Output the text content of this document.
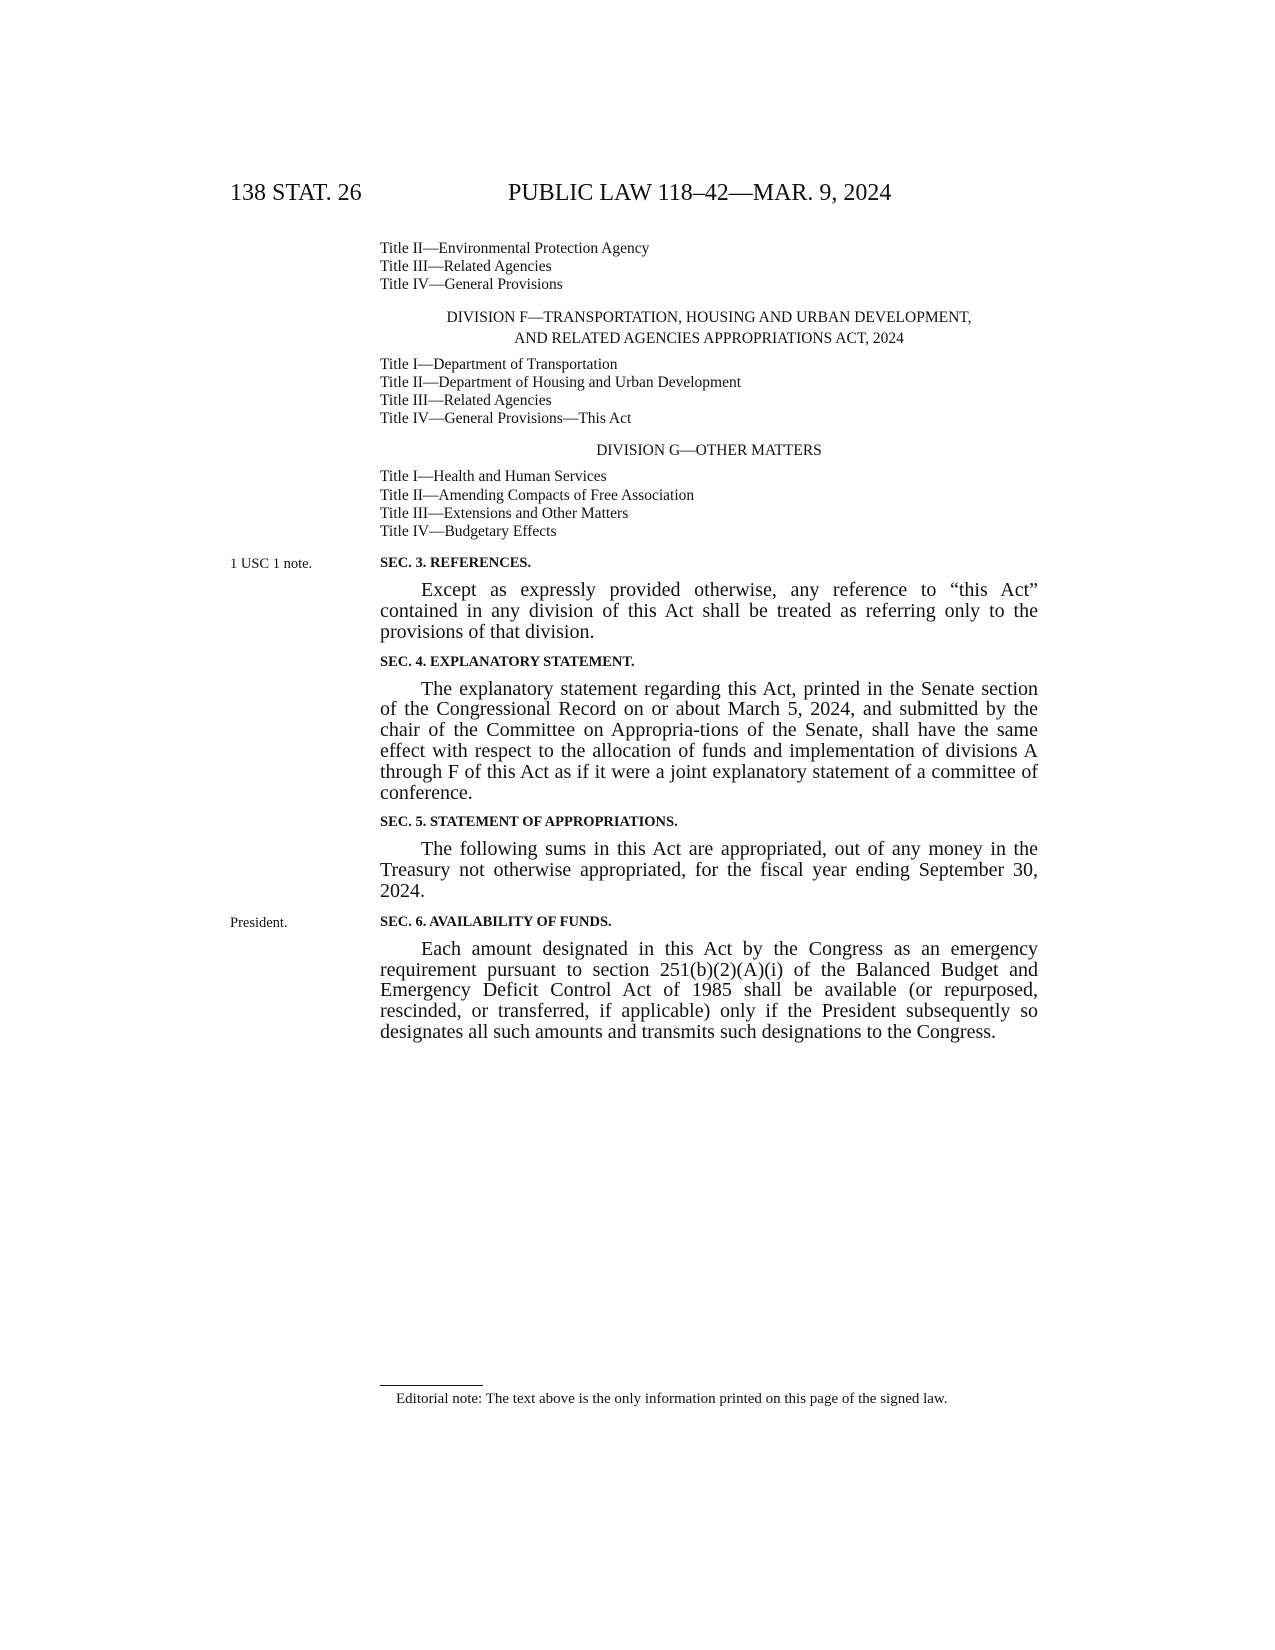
138 STAT. 26	PUBLIC LAW 118–42—MAR. 9, 2024
Title II—Environmental Protection Agency
Title III—Related Agencies
Title IV—General Provisions
DIVISION F—TRANSPORTATION, HOUSING AND URBAN DEVELOPMENT,
AND RELATED AGENCIES APPROPRIATIONS ACT, 2024
Title I—Department of Transportation
Title II—Department of Housing and Urban Development
Title III—Related Agencies
Title IV—General Provisions—This Act
DIVISION G—OTHER MATTERS
Title I—Health and Human Services
Title II—Amending Compacts of Free Association
Title III—Extensions and Other Matters
Title IV—Budgetary Effects
1 USC 1 note.	SEC. 3. REFERENCES.

Except as expressly provided otherwise, any reference to “this Act” contained in any division of this Act shall be treated as referring only to the provisions of that division.

SEC. 4. EXPLANATORY STATEMENT.

The explanatory statement regarding this Act, printed in the Senate section of the Congressional Record on or about March 5, 2024, and submitted by the chair of the Committee on Appropria-tions of the Senate, shall have the same effect with respect to the allocation of funds and implementation of divisions A through F of this Act as if it were a joint explanatory statement of a committee of conference.

SEC. 5. STATEMENT OF APPROPRIATIONS.

The following sums in this Act are appropriated, out of any money in the Treasury not otherwise appropriated, for the fiscal year ending September 30, 2024.

President.	SEC. 6. AVAILABILITY OF FUNDS.

Each amount designated in this Act by the Congress as an emergency requirement pursuant to section 251(b)(2)(A)(i) of the Balanced Budget and Emergency Deficit Control Act of 1985 shall be available (or repurposed, rescinded, or transferred, if applicable) only if the President subsequently so designates all such amounts and transmits such designations to the Congress.

Editorial note: The text above is the only information printed on this page of the signed law.
